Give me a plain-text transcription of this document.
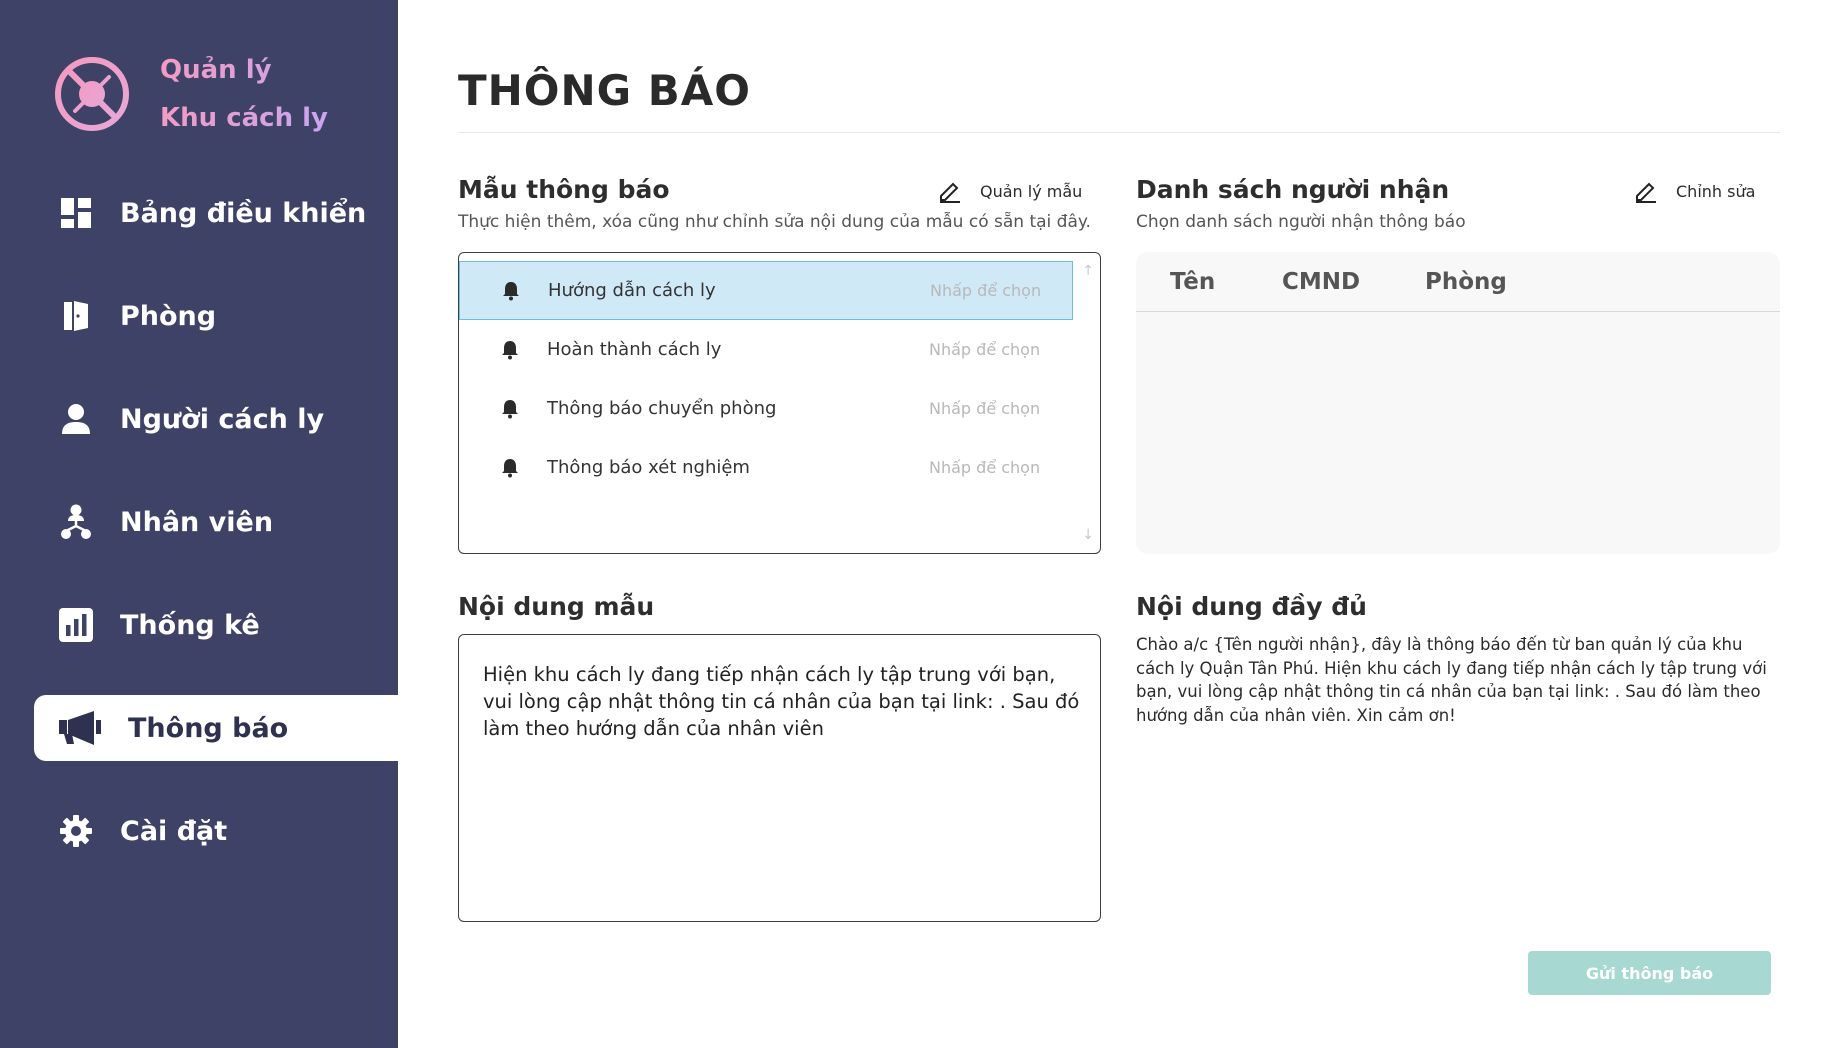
Quản lý
Khu cách ly
Bảng điều khiển
Phòng
Người cách ly
Nhân viên
Thống kê
Thông báo
Cài đặt
THÔNG BÁO
Mẫu thông báo
Thực hiện thêm, xóa cũng như chỉnh sửa nội dung của mẫu có sẵn tại đây.
Quản lý mẫu
Hướng dẫn cách ly	Nhấp để chọn
Hoàn thành cách ly	Nhấp để chọn
Thông báo chuyển phòng	Nhấp để chọn
Thông báo xét nghiệm	Nhấp để chọn
↑
↓
Danh sách người nhận
Chọn danh sách người nhận thông báo
Chỉnh sửa
Tên	CMND	Phòng
Nội dung mẫu
Hiện khu cách ly đang tiếp nhận cách ly tập trung với bạn, vui lòng cập nhật thông tin cá nhân của bạn tại link: . Sau đó làm theo hướng dẫn của nhân viên
Nội dung đầy đủ
Chào a/c {Tên người nhận}, đây là thông báo đến từ ban quản lý của khu cách ly Quận Tân Phú. Hiện khu cách ly đang tiếp nhận cách ly tập trung với bạn, vui lòng cập nhật thông tin cá nhân của bạn tại link: . Sau đó làm theo hướng dẫn của nhân viên. Xin cảm ơn!
Gửi thông báo
